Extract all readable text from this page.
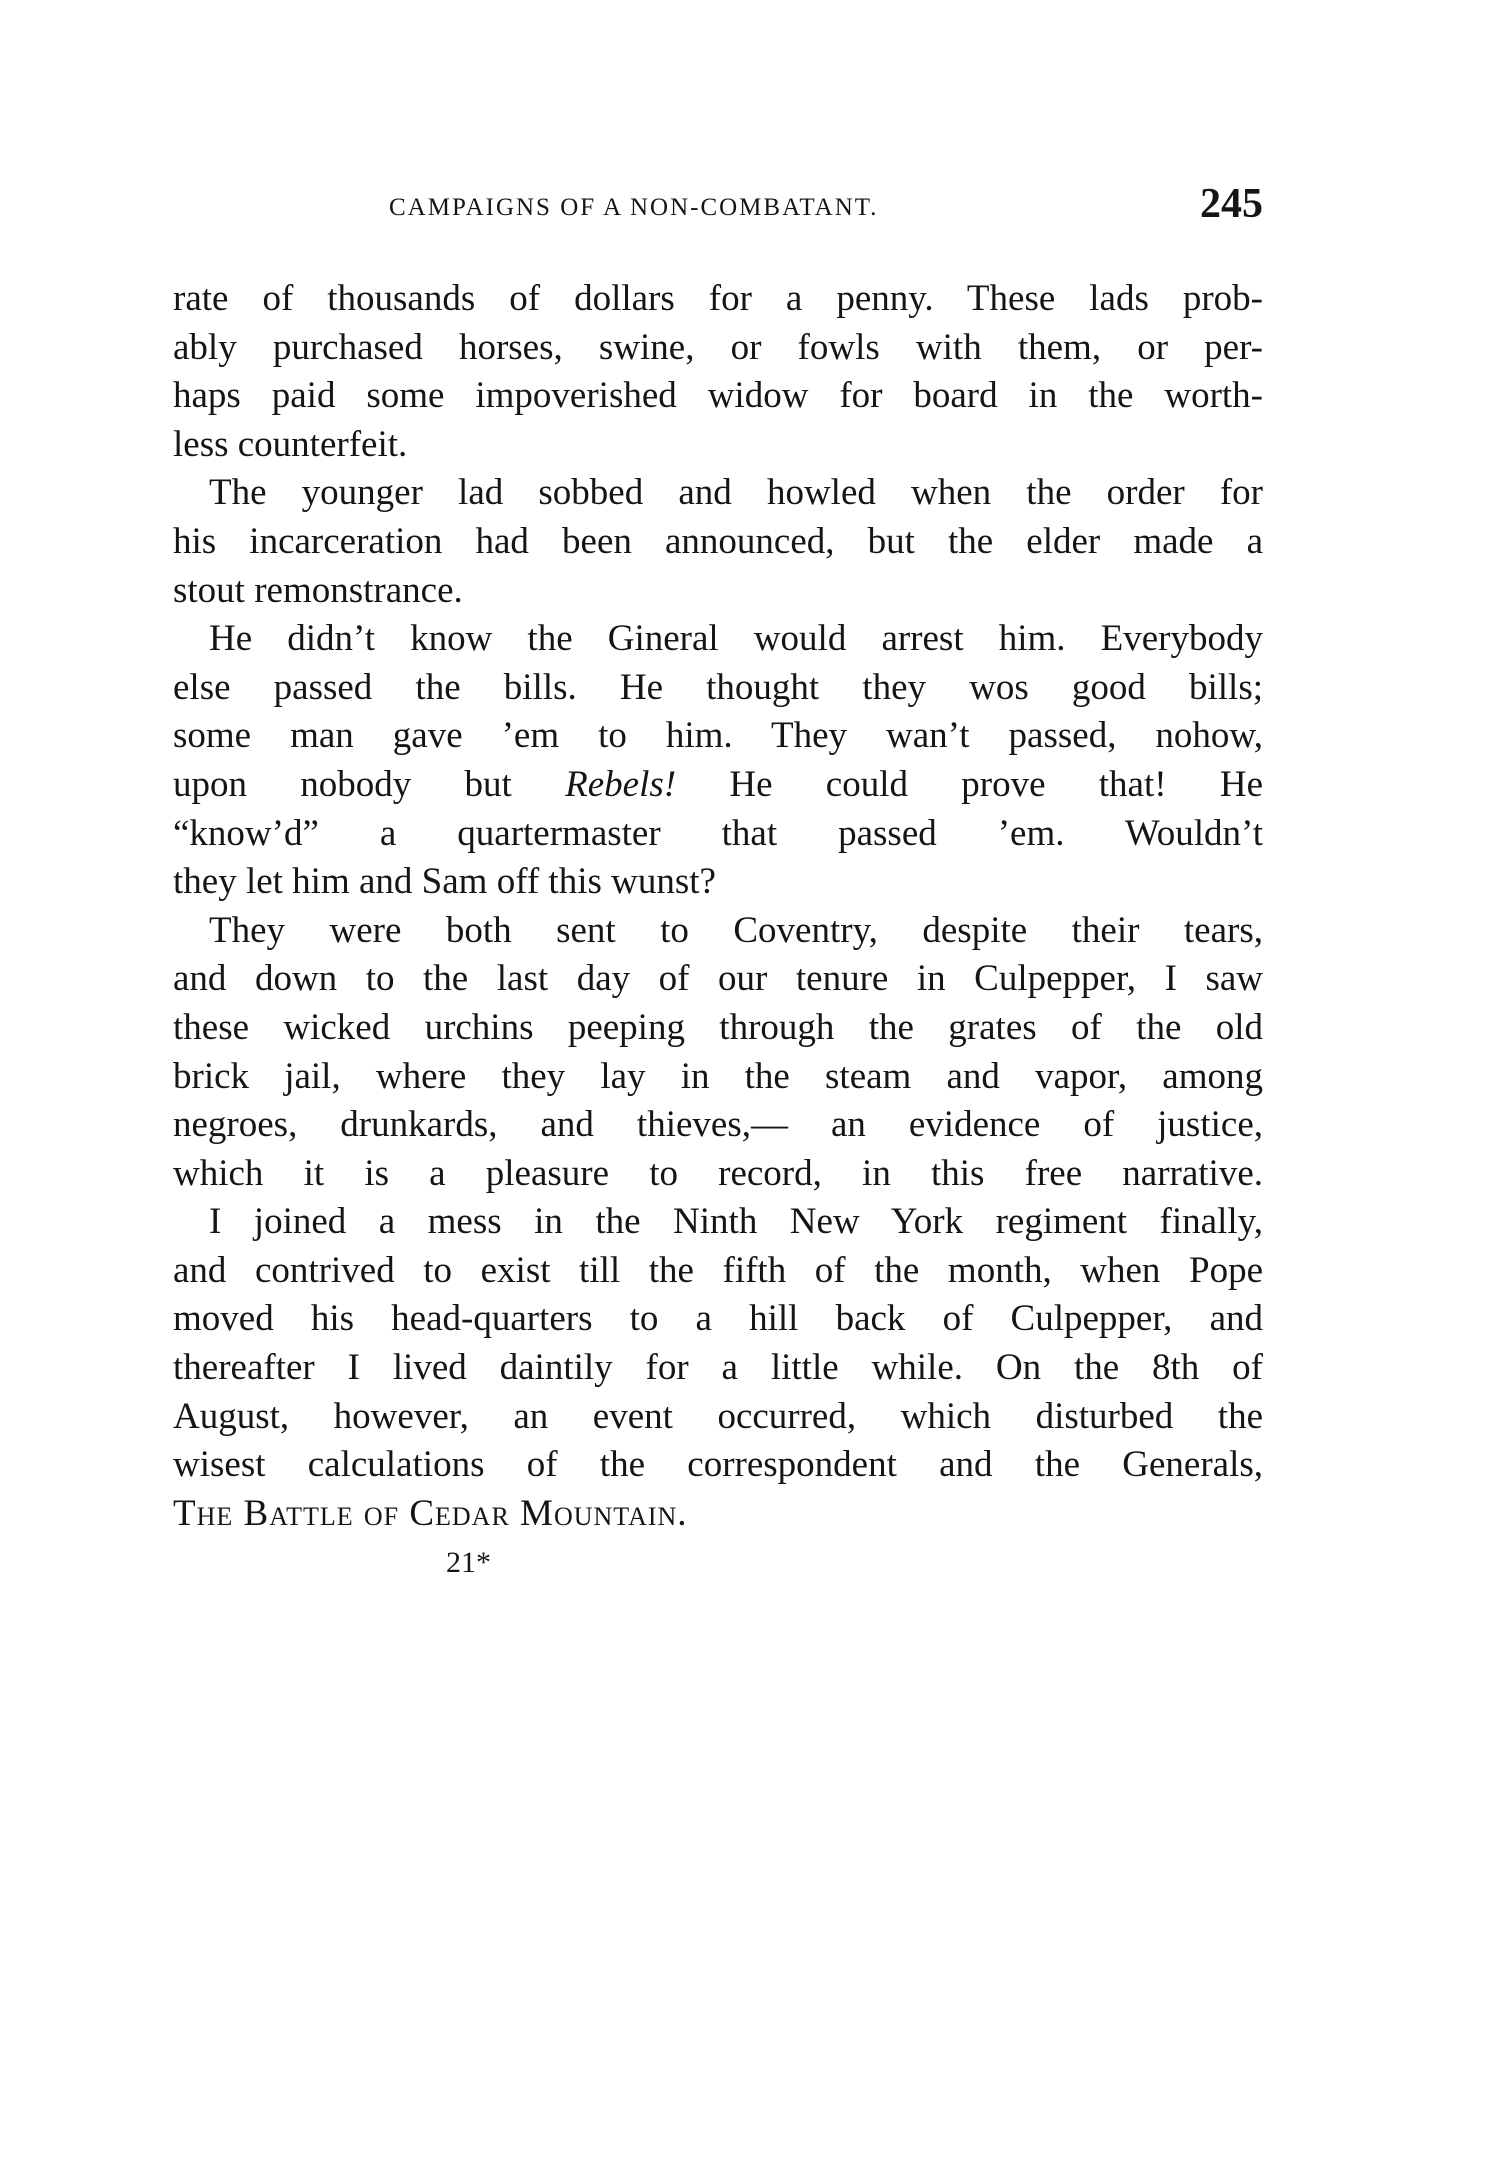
CAMPAIGNS OF A NON-COMBATANT.	245
rate of thousands of dollars for a penny. These lads prob-
ably purchased horses, swine, or fowls with them, or per-
haps paid some impoverished widow for board in the worth-
less counterfeit.
The younger lad sobbed and howled when the order for
his incarceration had been announced, but the elder made a
stout remonstrance.
He didn’t know the Gineral would arrest him. Everybody
else passed the bills. He thought they wos good bills;
some man gave ’em to him. They wan’t passed, nohow,
upon nobody but Rebels! He could prove that! He
“know’d” a quartermaster that passed ’em. Wouldn’t
they let him and Sam off this wunst?
They were both sent to Coventry, despite their tears,
and down to the last day of our tenure in Culpepper, I saw
these wicked urchins peeping through the grates of the old
brick jail, where they lay in the steam and vapor, among
negroes, drunkards, and thieves,— an evidence of justice,
which it is a pleasure to record, in this free narrative.
I joined a mess in the Ninth New York regiment finally,
and contrived to exist till the fifth of the month, when Pope
moved his head-quarters to a hill back of Culpepper, and
thereafter I lived daintily for a little while. On the 8th of
August, however, an event occurred, which disturbed the
wisest calculations of the correspondent and the Generals,
The Battle of Cedar Mountain.
21*
